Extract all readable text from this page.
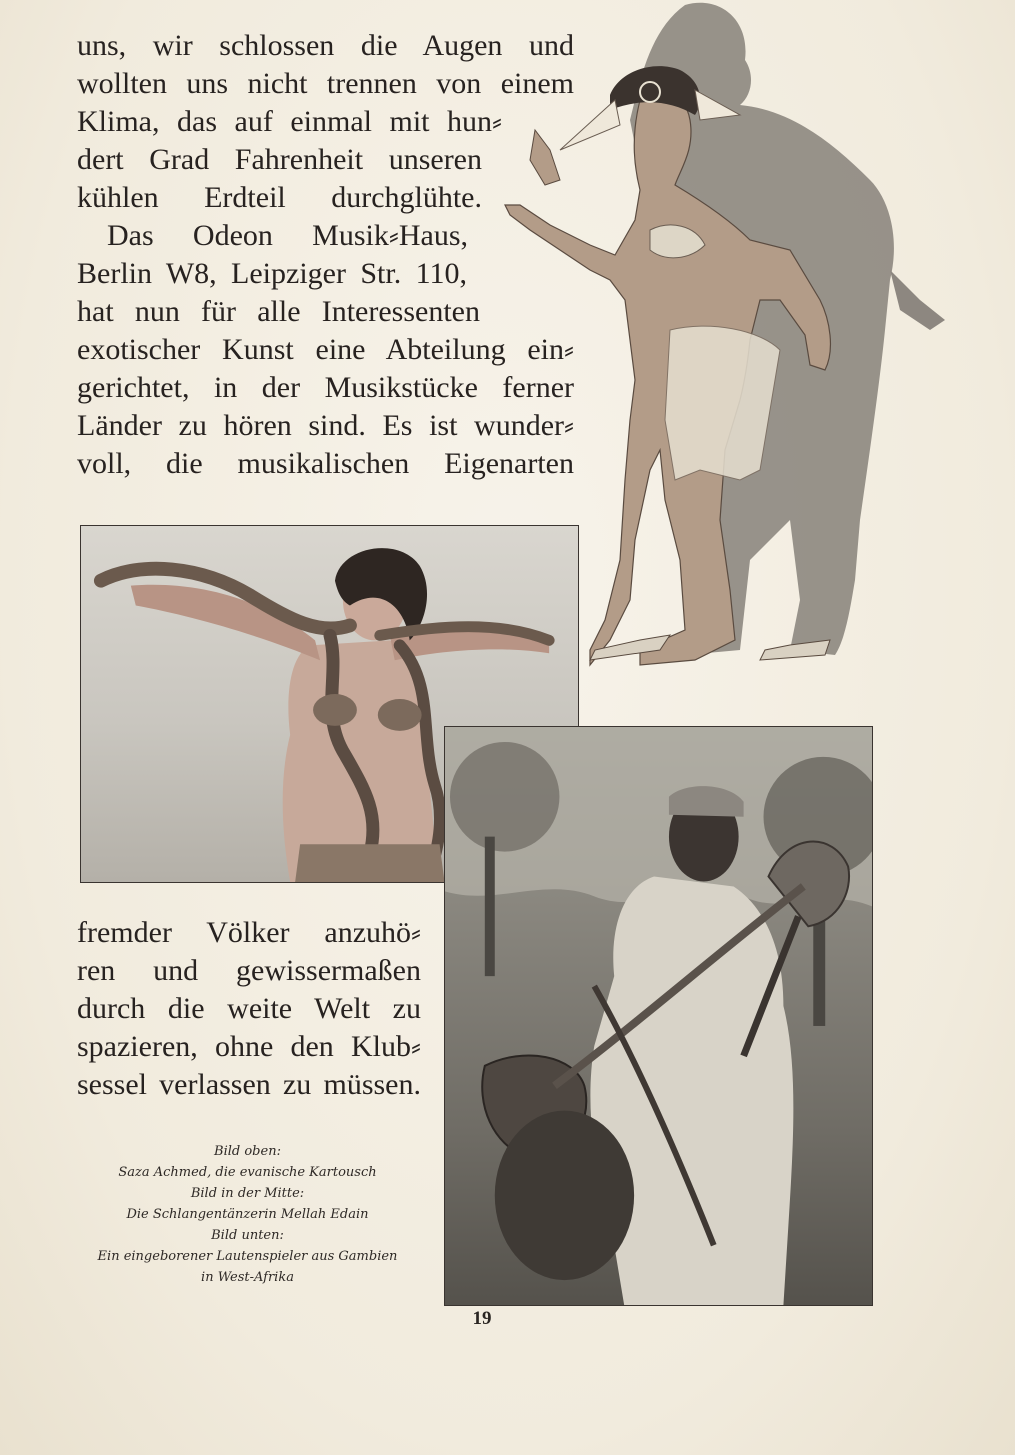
uns, wir schlossen die Augen und
wollten uns nicht trennen von einem
Klima, das auf einmal mit hun⸗
dert Grad Fahrenheit unseren
kühlen Erdteil durchglühte.
Das Odeon Musik⸗Haus,
Berlin W8, Leipziger Str. 110,
hat nun für alle Interessenten
exotischer Kunst eine Abteilung ein⸗
gerichtet, in der Musikstücke ferner
Länder zu hören sind. Es ist wunder⸗
voll, die musikalischen Eigenarten
fremder Völker anzuhö⸗
ren und gewissermaßen
durch die weite Welt zu
spazieren, ohne den Klub⸗
sessel verlassen zu müssen.
Bild oben:
Saza Achmed, die evanische Kartousch
Bild in der Mitte:
Die Schlangentänzerin Mellah Edain
Bild unten:
Ein eingeborener Lautenspieler aus Gambien
in West-Afrika
19
